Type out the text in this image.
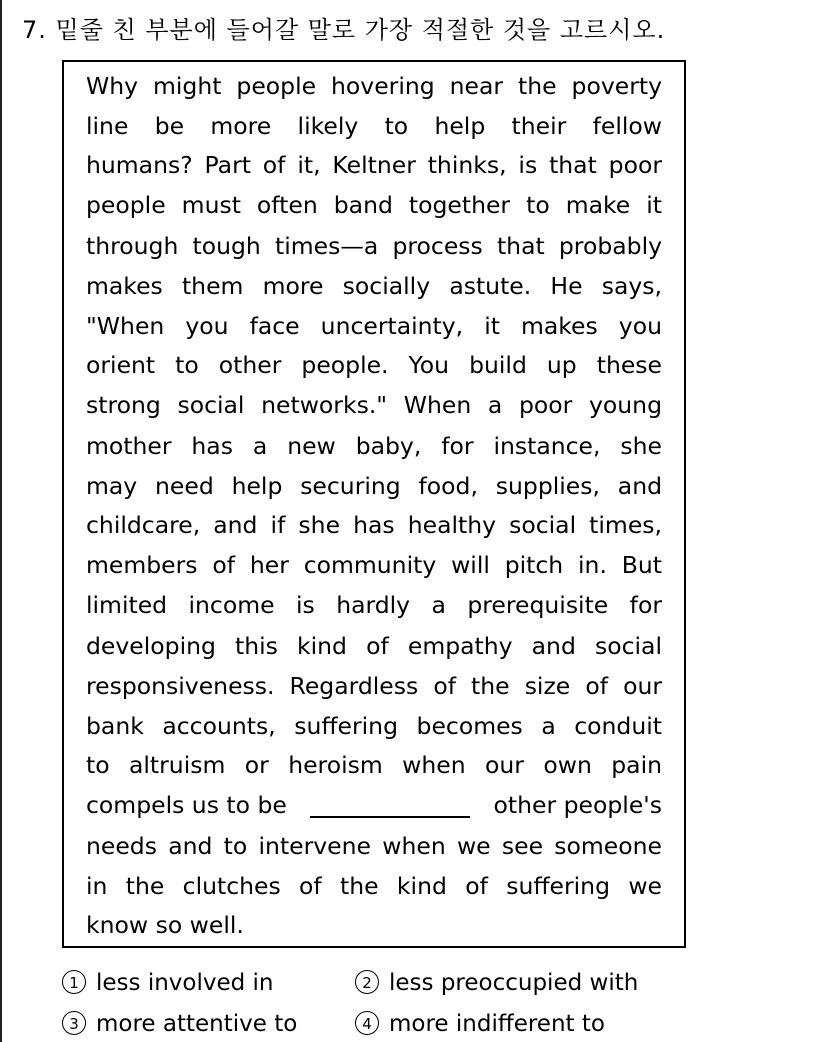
7. 밑줄 친 부분에 들어갈 말로 가장 적절한 것을 고르시오.
Why might people hovering near the poverty
line be more likely to help their fellow
humans? Part of it, Keltner thinks, is that poor
people must often band together to make it
through tough times—a process that probably
makes them more socially astute. He says,
"When you face uncertainty, it makes you
orient to other people. You build up these
strong social networks." When a poor young
mother has a new baby, for instance, she
may need help securing food, supplies, and
childcare, and if she has healthy social times,
members of her community will pitch in. But
limited income is hardly a prerequisite for
developing this kind of empathy and social
responsiveness. Regardless of the size of our
bank accounts, suffering becomes a conduit
to altruism or heroism when our own pain
compels us to be	other people's
needs and to intervene when we see someone
in the clutches of the kind of suffering we
know so well.
1 less involved in	2 less preoccupied with
3 more attentive to	4 more indifferent to
